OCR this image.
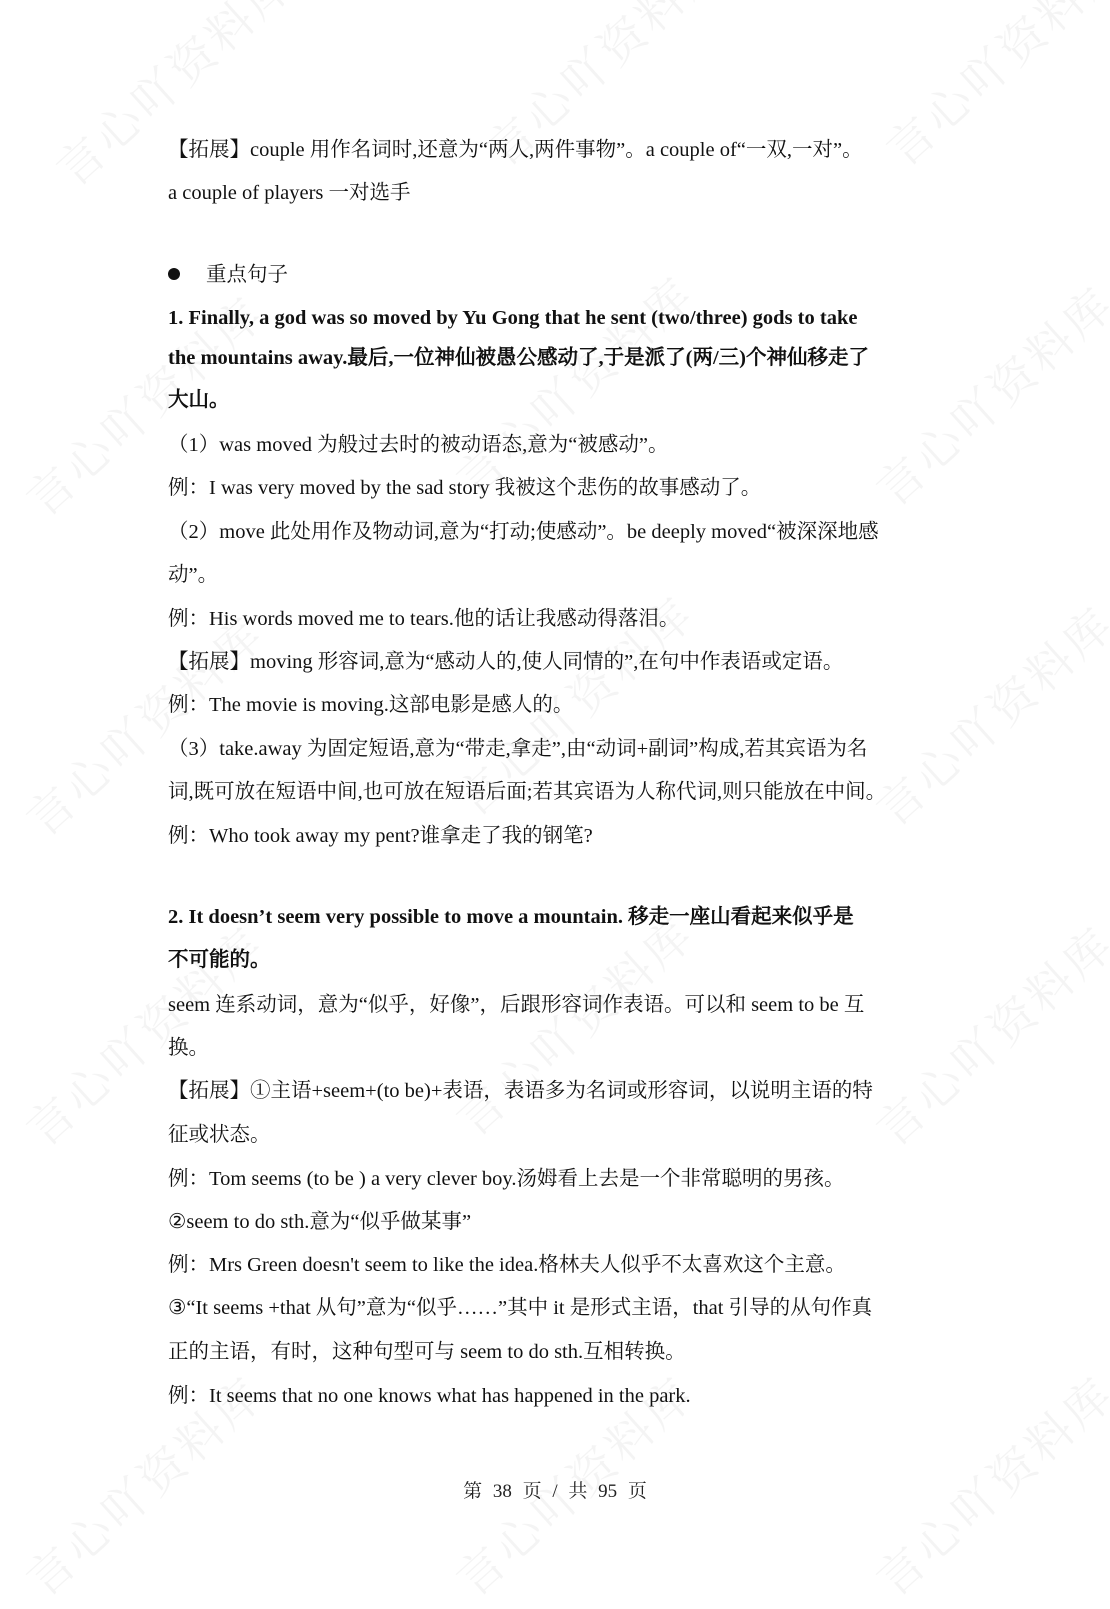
重点句子
【拓展】couple 用作名词时,还意为“两人,两件事物”。a couple of“一双,一对”。
a couple of players 一对选手
1. Finally, a god was so moved by Yu Gong that he sent (two/three) gods to take
the mountains away.最后,一位神仙被愚公感动了,于是派了(两/三)个神仙移走了
大山。
（1）was moved 为般过去时的被动语态,意为“被感动”。
例：I was very moved by the sad story 我被这个悲伤的故事感动了。
（2）move 此处用作及物动词,意为“打动;使感动”。be deeply moved“被深深地感
动”。
例：His words moved me to tears.他的话让我感动得落泪。
【拓展】moving 形容词,意为“感动人的,使人同情的”,在句中作表语或定语。
例：The movie is moving.这部电影是感人的。
（3）take.away 为固定短语,意为“带走,拿走”,由“动词+副词”构成,若其宾语为名
词,既可放在短语中间,也可放在短语后面;若其宾语为人称代词,则只能放在中间。
例：Who took away my pent?谁拿走了我的钢笔?
2. It doesn’t seem very possible to move a mountain. 移走一座山看起来似乎是
不可能的。
seem 连系动词，意为“似乎，好像”，后跟形容词作表语。可以和 seem to be 互
换。
【拓展】①主语+seem+(to be)+表语，表语多为名词或形容词，以说明主语的特
征或状态。
例：Tom seems (to be ) a very clever boy.汤姆看上去是一个非常聪明的男孩。
②seem to do sth.意为“似乎做某事”
例：Mrs Green doesn't seem to like the idea.格林夫人似乎不太喜欢这个主意。
③“It seems +that 从句”意为“似乎……”其中 it 是形式主语，that 引导的从句作真
正的主语，有时，这种句型可与 seem to do sth.互相转换。
例：It seems that no one knows what has happened in the park.
第 38 页 / 共 95 页
